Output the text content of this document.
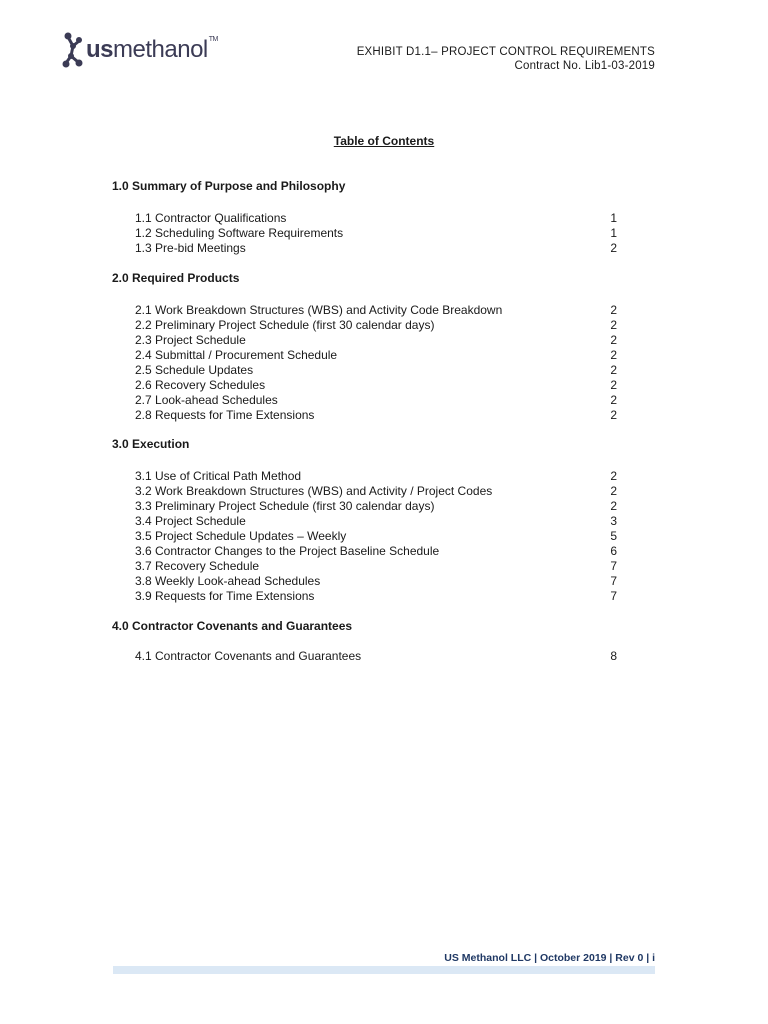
usmethanol™
EXHIBIT D1.1– PROJECT CONTROL REQUIREMENTS
Contract No. Lib1-03-2019
Table of Contents
1.0 Summary of Purpose and Philosophy
1.1 Contractor Qualifications	1
1.2 Scheduling Software Requirements	1
1.3 Pre-bid Meetings	2
2.0 Required Products
2.1 Work Breakdown Structures (WBS) and Activity Code Breakdown	2
2.2 Preliminary Project Schedule (first 30 calendar days)	2
2.3 Project Schedule	2
2.4 Submittal / Procurement Schedule	2
2.5 Schedule Updates	2
2.6 Recovery Schedules	2
2.7 Look-ahead Schedules	2
2.8 Requests for Time Extensions	2
3.0 Execution
3.1 Use of Critical Path Method	2
3.2 Work Breakdown Structures (WBS) and Activity / Project Codes	2
3.3 Preliminary Project Schedule (first 30 calendar days)	2
3.4 Project Schedule	3
3.5 Project Schedule Updates – Weekly	5
3.6 Contractor Changes to the Project Baseline Schedule	6
3.7 Recovery Schedule	7
3.8 Weekly Look-ahead Schedules	7
3.9 Requests for Time Extensions	7
4.0 Contractor Covenants and Guarantees
4.1 Contractor Covenants and Guarantees	8
US Methanol LLC | October 2019 | Rev 0 | i
